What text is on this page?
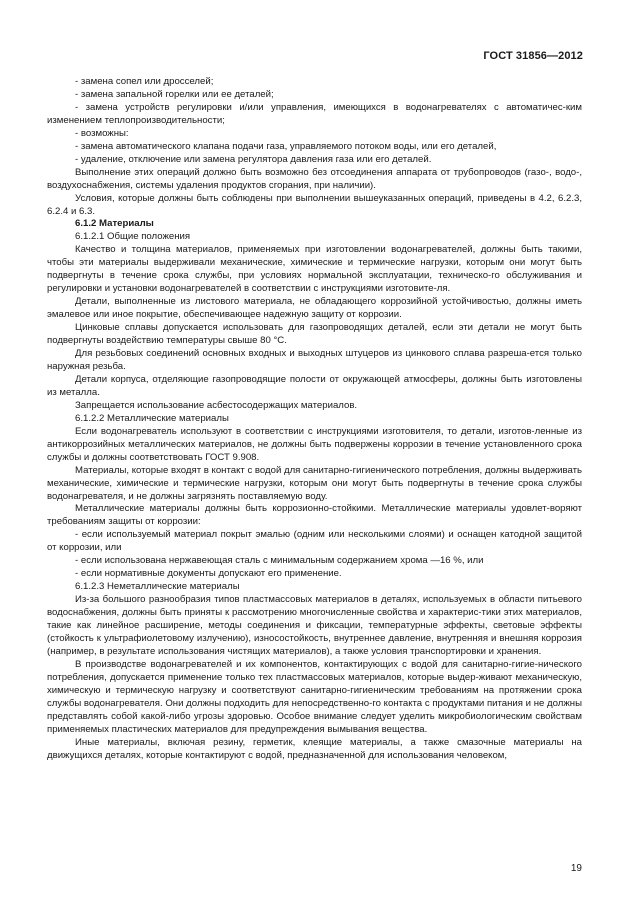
ГОСТ 31856—2012

- замена сопел или дросселей;

- замена запальной горелки или ее деталей;

- замена устройств регулировки и/или управления, имеющихся в водонагревателях с автоматичес-ким изменением теплопроизводительности;

- возможны:

- замена автоматического клапана подачи газа, управляемого потоком воды, или его деталей,

- удаление, отключение или замена регулятора давления газа или его деталей.

Выполнение этих операций должно быть возможно без отсоединения аппарата от трубопроводов (газо-, водо-, воздухоснабжения, системы удаления продуктов сгорания, при наличии).

Условия, которые должны быть соблюдены при выполнении вышеуказанных операций, приведены в 4.2, 6.2.3, 6.2.4 и 6.3.

6.1.2 Материалы

6.1.2.1 Общие положения

Качество и толщина материалов, применяемых при изготовлении водонагревателей, должны быть такими, чтобы эти материалы выдерживали механические, химические и термические нагрузки, которым они могут быть подвергнуты в течение срока службы, при условиях нормальной эксплуатации, техническо-го обслуживания и регулировки и установки водонагревателей в соответствии с инструкциями изготовите-ля.

Детали, выполненные из листового материала, не обладающего коррозийной устойчивостью, должны иметь эмалевое или иное покрытие, обеспечивающее надежную защиту от коррозии.

Цинковые сплавы допускается использовать для газопроводящих деталей, если эти детали не могут быть подвергнуты воздействию температуры свыше 80 °С.

Для резьбовых соединений основных входных и выходных штуцеров из цинкового сплава разреша-ется только наружная резьба.

Детали корпуса, отделяющие газопроводящие полости от окружающей атмосферы, должны быть изготовлены из металла.

Запрещается использование асбестосодержащих материалов.

6.1.2.2 Металлические материалы

Если водонагреватель используют в соответствии с инструкциями изготовителя, то детали, изготов-ленные из антикоррозийных металлических материалов, не должны быть подвержены коррозии в течение установленного срока службы и должны соответствовать ГОСТ 9.908.

Материалы, которые входят в контакт с водой для санитарно-гигиенического потребления, должны выдерживать механические, химические и термические нагрузки, которым они могут быть подвергнуты в течение срока службы водонагревателя, и не должны загрязнять поставляемую воду.

Металлические материалы должны быть коррозионно-стойкими. Металлические материалы удовлет-воряют требованиям защиты от коррозии:

- если используемый материал покрыт эмалью (одним или несколькими слоями) и оснащен катодной защитой от коррозии, или

- если использована нержавеющая сталь с минимальным содержанием хрома —16 %, или

- если нормативные документы допускают его применение.

6.1.2.3 Неметаллические материалы

Из-за большого разнообразия типов пластмассовых материалов в деталях, используемых в области питьевого водоснабжения, должны быть приняты к рассмотрению многочисленные свойства и характерис-тики этих материалов, такие как линейное расширение, методы соединения и фиксации, температурные эффекты, световые эффекты (стойкость к ультрафиолетовому излучению), износостойкость, внутреннее давление, внутренняя и внешняя коррозия (например, в результате использования чистящих материалов), а также условия транспортировки и хранения.

В производстве водонагревателей и их компонентов, контактирующих с водой для санитарно-гигие-нического потребления, допускается применение только тех пластмассовых материалов, которые выдер-живают механическую, химическую и термическую нагрузку и соответствуют санитарно-гигиеническим требованиям на протяжении срока службы водонагревателя. Они должны подходить для непосредственно-го контакта с продуктами питания и не должны представлять собой какой-либо угрозы здоровью. Особое внимание следует уделить микробиологическим свойствам применяемых пластических материалов для предупреждения вымывания вещества.

Иные материалы, включая резину, герметик, клеящие материалы, а также смазочные материалы на движущихся деталях, которые контактируют с водой, предназначенной для использования человеком,

19
